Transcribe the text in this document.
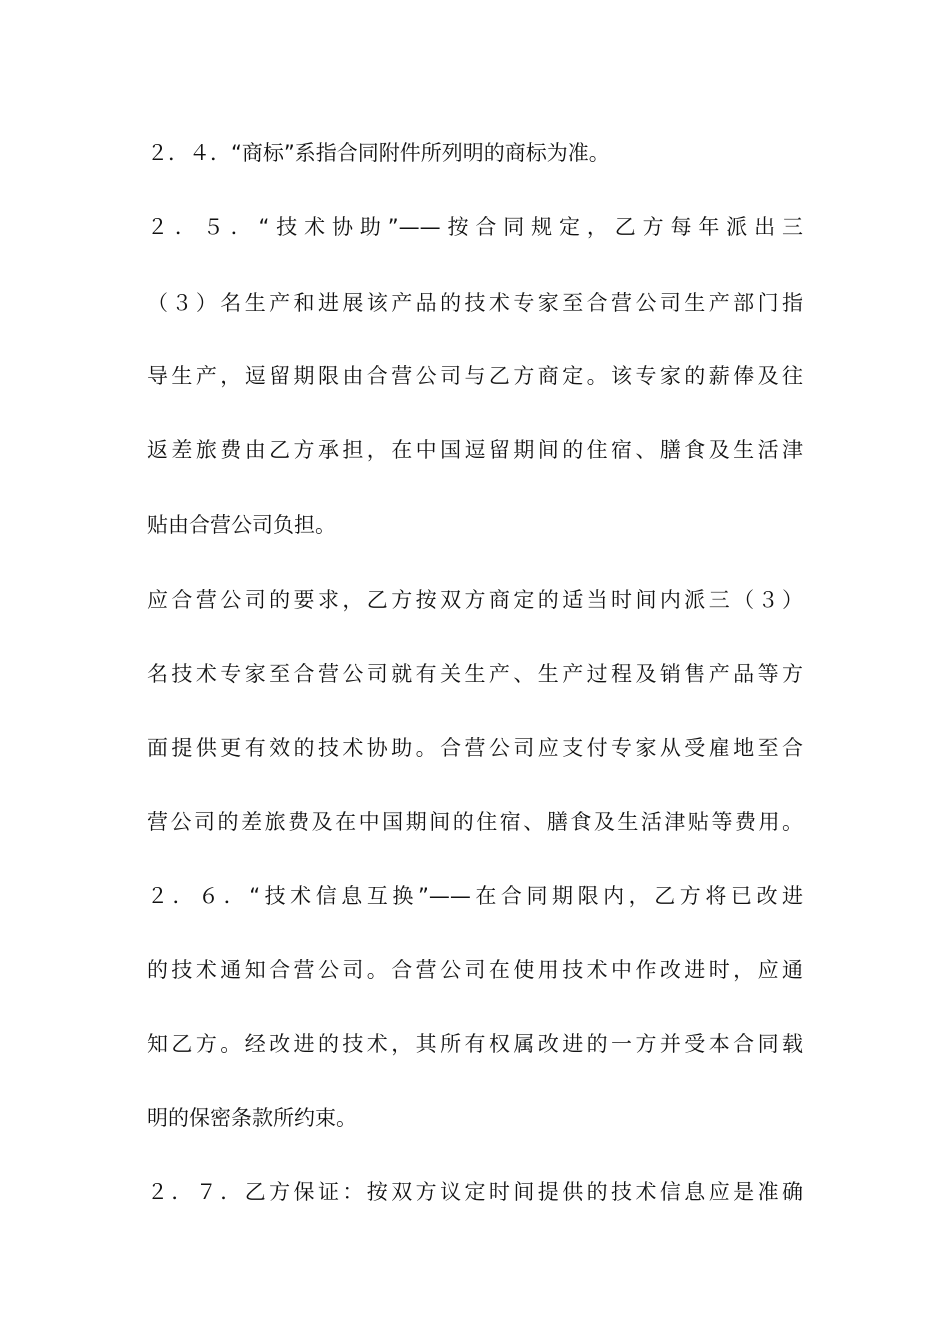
２．４．“商标”系指合同附件所列明的商标为准。
２．５．“技术协助”——按合同规定，乙方每年派出三
（３）名生产和进展该产品的技术专家至合营公司生产部门指
导生产，逗留期限由合营公司与乙方商定。该专家的薪俸及往
返差旅费由乙方承担，在中国逗留期间的住宿、膳食及生活津
贴由合营公司负担。
应合营公司的要求，乙方按双方商定的适当时间内派三（３）
名技术专家至合营公司就有关生产、生产过程及销售产品等方
面提供更有效的技术协助。合营公司应支付专家从受雇地至合
营公司的差旅费及在中国期间的住宿、膳食及生活津贴等费用。
２．６．“技术信息互换”——在合同期限内，乙方将已改进
的技术通知合营公司。合营公司在使用技术中作改进时，应通
知乙方。经改进的技术，其所有权属改进的一方并受本合同载
明的保密条款所约束。
２．７．乙方保证：按双方议定时间提供的技术信息应是准确
